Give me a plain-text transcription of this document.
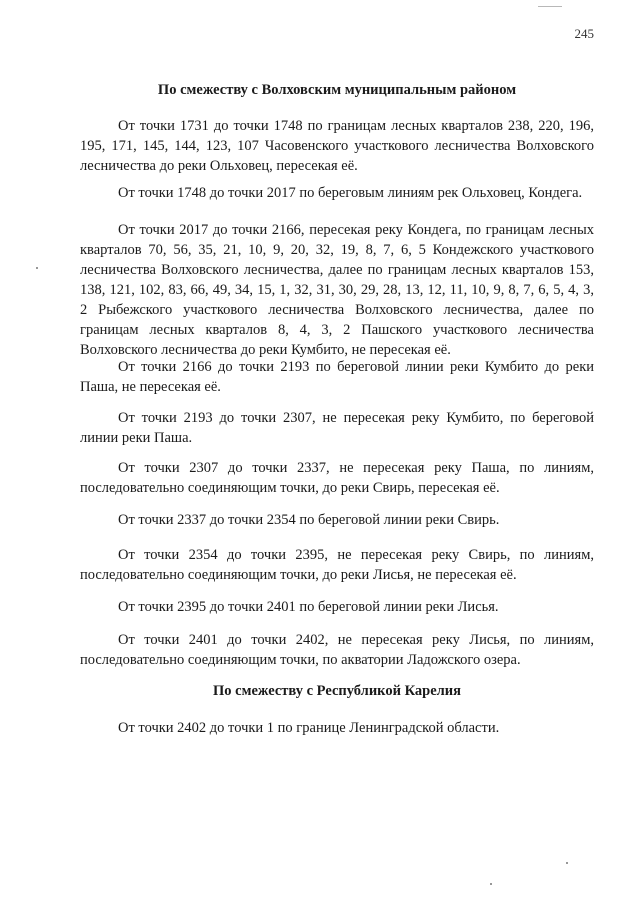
245
По смежеству с Волховским муниципальным районом
От точки 1731 до точки 1748 по границам лесных кварталов 238, 220, 196, 195, 171, 145, 144, 123, 107 Часовенского участкового лесничества Волховского лесничества до реки Ольховец, пересекая её.
От точки 1748 до точки 2017 по береговым линиям рек Ольховец, Кондега.
От точки 2017 до точки 2166, пересекая реку Кондега, по границам лесных кварталов 70, 56, 35, 21, 10, 9, 20, 32, 19, 8, 7, 6, 5 Кондежского участкового лесничества Волховского лесничества, далее по границам лесных кварталов 153, 138, 121, 102, 83, 66, 49, 34, 15, 1, 32, 31, 30, 29, 28, 13, 12, 11, 10, 9, 8, 7, 6, 5, 4, 3, 2 Рыбежского участкового лесничества Волховского лесничества, далее по границам лесных кварталов 8, 4, 3, 2 Пашского участкового лесничества Волховского лесничества до реки Кумбито, не пересекая её.
От точки 2166 до точки 2193 по береговой линии реки Кумбито до реки Паша, не пересекая её.
От точки 2193 до точки 2307, не пересекая реку Кумбито, по береговой линии реки Паша.
От точки 2307 до точки 2337, не пересекая реку Паша, по линиям, последовательно соединяющим точки, до реки Свирь, пересекая её.
От точки 2337 до точки 2354 по береговой линии реки Свирь.
От точки 2354 до точки 2395, не пересекая реку Свирь, по линиям, последовательно соединяющим точки, до реки Лисья, не пересекая её.
От точки 2395 до точки 2401 по береговой линии реки Лисья.
От точки 2401 до точки 2402, не пересекая реку Лисья, по линиям, последовательно соединяющим точки, по акватории Ладожского озера.
По смежеству с Республикой Карелия
От точки 2402 до точки 1 по границе Ленинградской области.
